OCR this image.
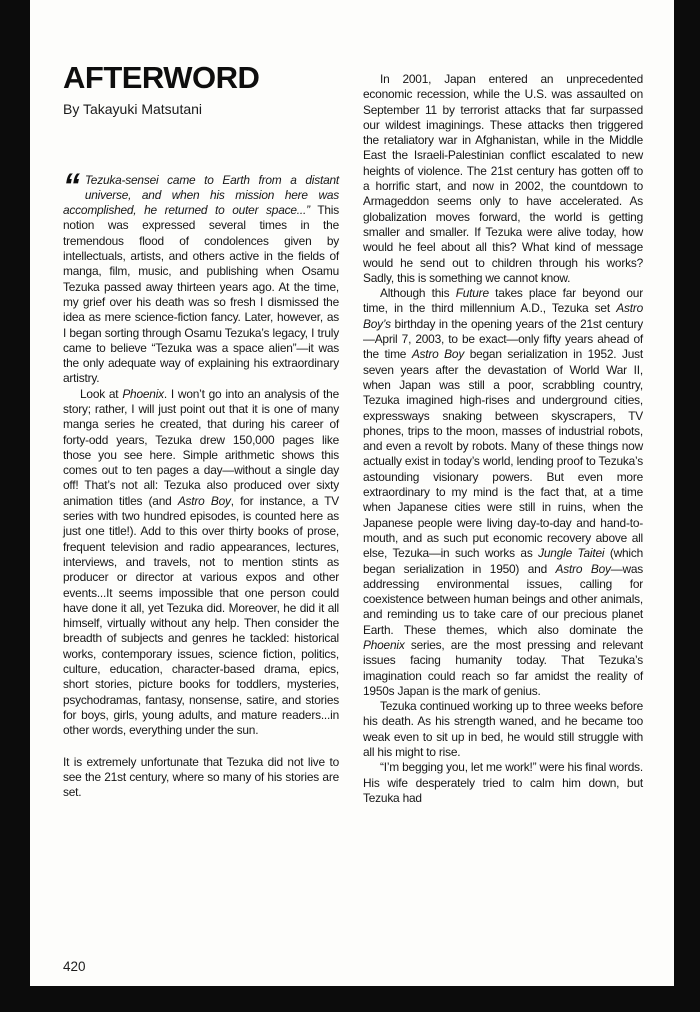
AFTERWORD
By Takayuki Matsutani

“ Tezuka-sensei came to Earth from a distant universe, and when his mission here was accomplished, he returned to outer space...” This notion was expressed several times in the tremendous flood of condolences given by intellectuals, artists, and others active in the fields of manga, film, music, and publishing when Osamu Tezuka passed away thirteen years ago. At the time, my grief over his death was so fresh I dismissed the idea as mere science-fiction fancy. Later, however, as I began sorting through Osamu Tezuka’s legacy, I truly came to believe “Tezuka was a space alien”—it was the only adequate way of explaining his extraordinary artistry.

Look at Phoenix. I won’t go into an analysis of the story; rather, I will just point out that it is one of many manga series he created, that during his career of forty-odd years, Tezuka drew 150,000 pages like those you see here. Simple arithmetic shows this comes out to ten pages a day—without a single day off! That’s not all: Tezuka also produced over sixty animation titles (and Astro Boy, for instance, a TV series with two hundred episodes, is counted here as just one title!). Add to this over thirty books of prose, frequent television and radio appearances, lectures, interviews, and travels, not to mention stints as producer or director at various expos and other events...It seems impossible that one person could have done it all, yet Tezuka did. Moreover, he did it all himself, virtually without any help. Then consider the breadth of subjects and genres he tackled: historical works, contemporary issues, science fiction, politics, culture, education, character-based drama, epics, short stories, picture books for toddlers, mysteries, psychodramas, fantasy, nonsense, satire, and stories for boys, girls, young adults, and mature readers...in other words, everything under the sun.

It is extremely unfortunate that Tezuka did not live to see the 21st century, where so many of his stories are set.

In 2001, Japan entered an unprecedented economic recession, while the U.S. was assaulted on September 11 by terrorist attacks that far surpassed our wildest imaginings. These attacks then triggered the retaliatory war in Afghanistan, while in the Middle East the Israeli-Palestinian conflict escalated to new heights of violence. The 21st century has gotten off to a horrific start, and now in 2002, the countdown to Armageddon seems only to have accelerated. As globalization moves forward, the world is getting smaller and smaller. If Tezuka were alive today, how would he feel about all this? What kind of message would he send out to children through his works? Sadly, this is something we cannot know.

Although this Future takes place far beyond our time, in the third millennium A.D., Tezuka set Astro Boy’s birthday in the opening years of the 21st century—April 7, 2003, to be exact—only fifty years ahead of the time Astro Boy began serialization in 1952. Just seven years after the devastation of World War II, when Japan was still a poor, scrabbling country, Tezuka imagined high-rises and underground cities, expressways snaking between skyscrapers, TV phones, trips to the moon, masses of industrial robots, and even a revolt by robots. Many of these things now actually exist in today’s world, lending proof to Tezuka’s astounding visionary powers. But even more extraordinary to my mind is the fact that, at a time when Japanese cities were still in ruins, when the Japanese people were living day-to-day and hand-to-mouth, and as such put economic recovery above all else, Tezuka—in such works as Jungle Taitei (which began serialization in 1950) and Astro Boy—was addressing environmental issues, calling for coexistence between human beings and other animals, and reminding us to take care of our precious planet Earth. These themes, which also dominate the Phoenix series, are the most pressing and relevant issues facing humanity today. That Tezuka’s imagination could reach so far amidst the reality of 1950s Japan is the mark of genius.

Tezuka continued working up to three weeks before his death. As his strength waned, and he became too weak even to sit up in bed, he would still struggle with all his might to rise.

“I’m begging you, let me work!” were his final words. His wife desperately tried to calm him down, but Tezuka had

420
